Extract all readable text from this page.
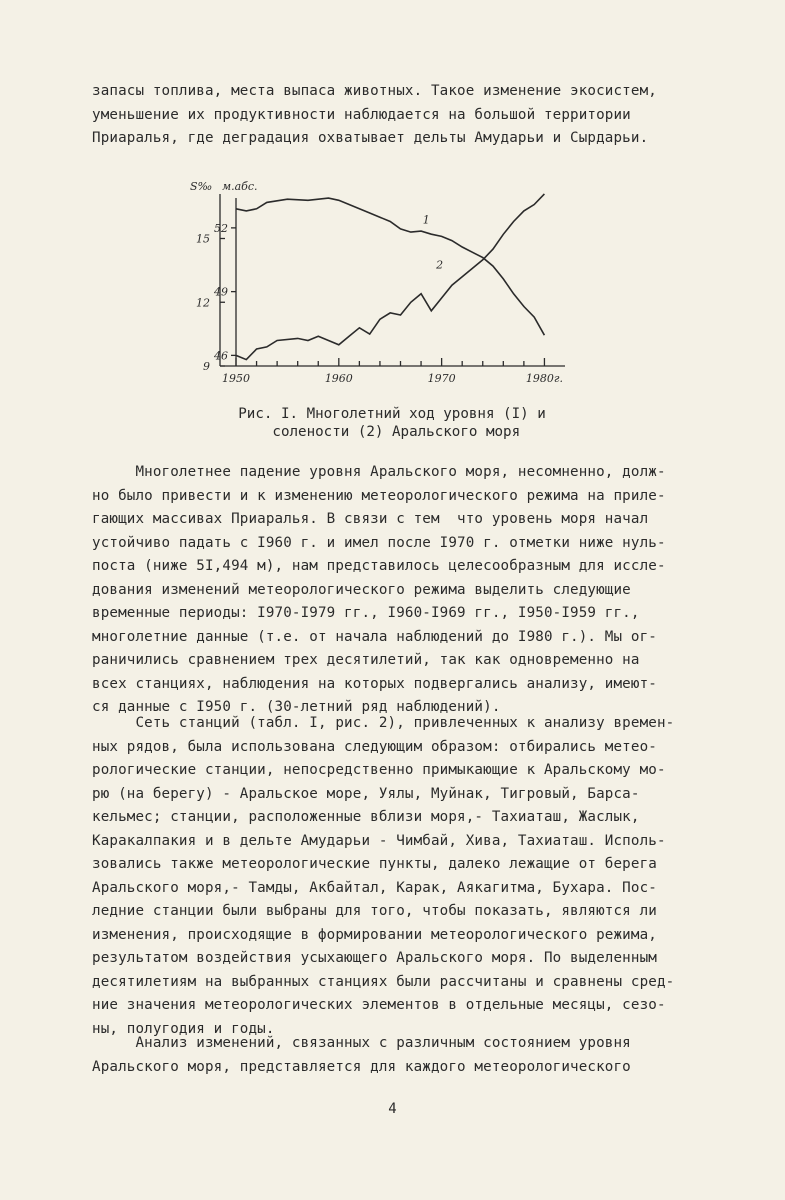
запасы топлива, места выпаса животных. Такое изменение экосистем,
уменьшение их продуктивности наблюдается на большой территории
Приаралья, где деградация охватывает дельты Амударьи и Сырдарьи.

S‰ м.абс.
9
12
15
46
49
52
1950	1960	1970	1980г.
1
2
Рис. I. Многолетний ход уровня (I) и
солености (2) Аральского моря

Многолетнее падение уровня Аральского моря, несомненно, долж-
но было привести и к изменению метеорологического режима на приле-
гающих массивах Приаралья. В связи с тем  что уровень моря начал
устойчиво падать с I960 г. и имел после I970 г. отметки ниже нуль-
поста (ниже 5I,494 м), нам представилось целесообразным для иссле-
дования изменений метеорологического режима выделить следующие
временные периоды: I970-I979 гг., I960-I969 гг., I950-I959 гг.,
многолетние данные (т.е. от начала наблюдений до I980 г.). Мы ог-
раничились сравнением трех десятилетий, так как одновременно на
всех станциях, наблюдения на которых подвергались анализу, имеют-
ся данные с I950 г. (30-летний ряд наблюдений).

Сеть станций (табл. I, рис. 2), привлеченных к анализу времен-
ных рядов, была использована следующим образом: отбирались метео-
рологические станции, непосредственно примыкающие к Аральскому мо-
рю (на берегу) - Аральское море, Уялы, Муйнак, Тигровый, Барса-
кельмес; станции, расположенные вблизи моря,- Тахиаташ, Жаслык,
Каракалпакия и в дельте Амударьи - Чимбай, Хива, Тахиаташ. Исполь-
зовались также метеорологические пункты, далеко лежащие от берега
Аральского моря,- Тамды, Акбайтал, Карак, Аякагитма, Бухара. Пос-
ледние станции были выбраны для того, чтобы показать, являются ли
изменения, происходящие в формировании метеорологического режима,
результатом воздействия усыхающего Аральского моря. По выделенным
десятилетиям на выбранных станциях были рассчитаны и сравнены сред-
ние значения метеорологических элементов в отдельные месяцы, сезо-
ны, полугодия и годы.

Анализ изменений, связанных с различным состоянием уровня
Аральского моря, представляется для каждого метеорологического

4
